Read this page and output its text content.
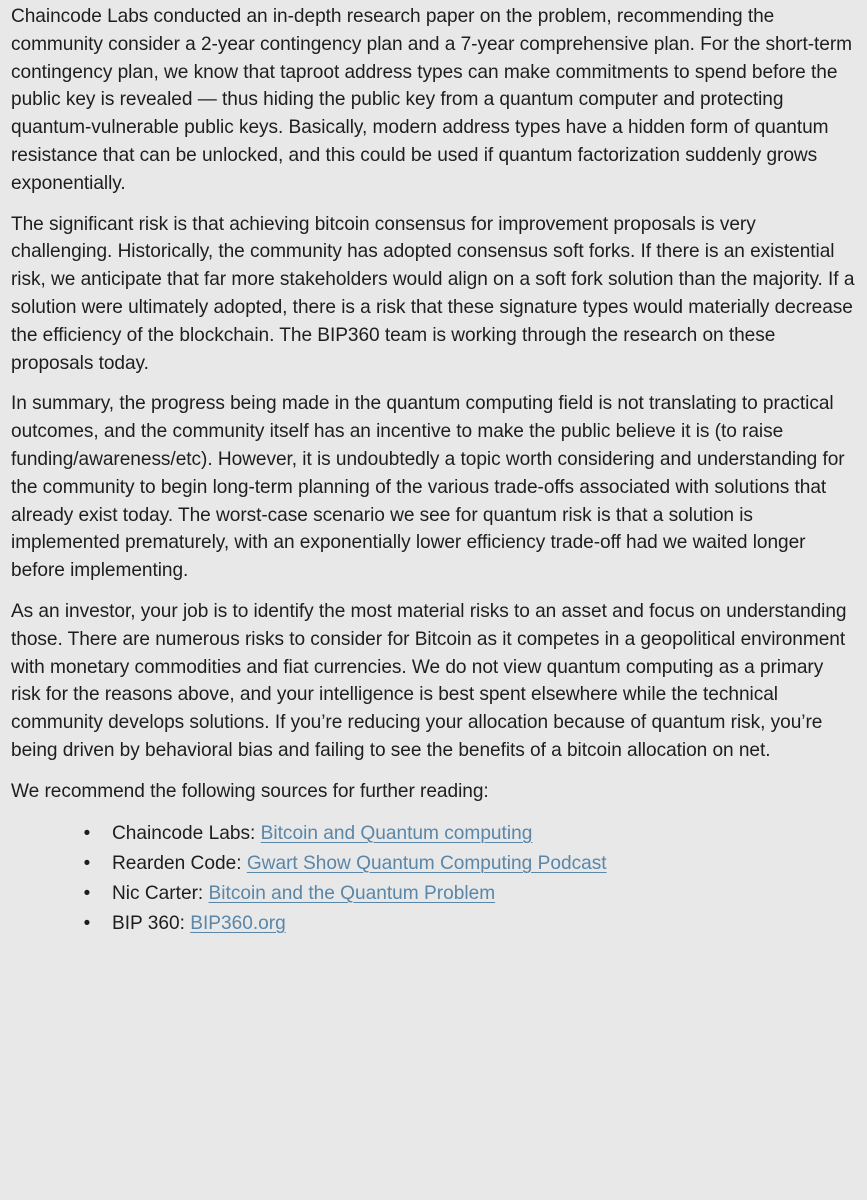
Chaincode Labs conducted an in-depth research paper on the problem, recommending the community consider a 2-year contingency plan and a 7-year comprehensive plan. For the short-term contingency plan, we know that taproot address types can make commitments to spend before the public key is revealed — thus hiding the public key from a quantum computer and protecting quantum-vulnerable public keys. Basically, modern address types have a hidden form of quantum resistance that can be unlocked, and this could be used if quantum factorization suddenly grows exponentially.

The significant risk is that achieving bitcoin consensus for improvement proposals is very challenging. Historically, the community has adopted consensus soft forks. If there is an existential risk, we anticipate that far more stakeholders would align on a soft fork solution than the majority. If a solution were ultimately adopted, there is a risk that these signature types would materially decrease the efficiency of the blockchain. The BIP360 team is working through the research on these proposals today.

In summary, the progress being made in the quantum computing field is not translating to practical outcomes, and the community itself has an incentive to make the public believe it is (to raise funding/awareness/etc). However, it is undoubtedly a topic worth considering and understanding for the community to begin long-term planning of the various trade-offs associated with solutions that already exist today. The worst-case scenario we see for quantum risk is that a solution is implemented prematurely, with an exponentially lower efficiency trade-off had we waited longer before implementing.

As an investor, your job is to identify the most material risks to an asset and focus on understanding those. There are numerous risks to consider for Bitcoin as it competes in a geopolitical environment with monetary commodities and fiat currencies. We do not view quantum computing as a primary risk for the reasons above, and your intelligence is best spent elsewhere while the technical community develops solutions. If you’re reducing your allocation because of quantum risk, you’re being driven by behavioral bias and failing to see the benefits of a bitcoin allocation on net.

We recommend the following sources for further reading:

• Chaincode Labs: Bitcoin and Quantum computing
• Rearden Code: Gwart Show Quantum Computing Podcast
• Nic Carter: Bitcoin and the Quantum Problem
• BIP 360: BIP360.org
